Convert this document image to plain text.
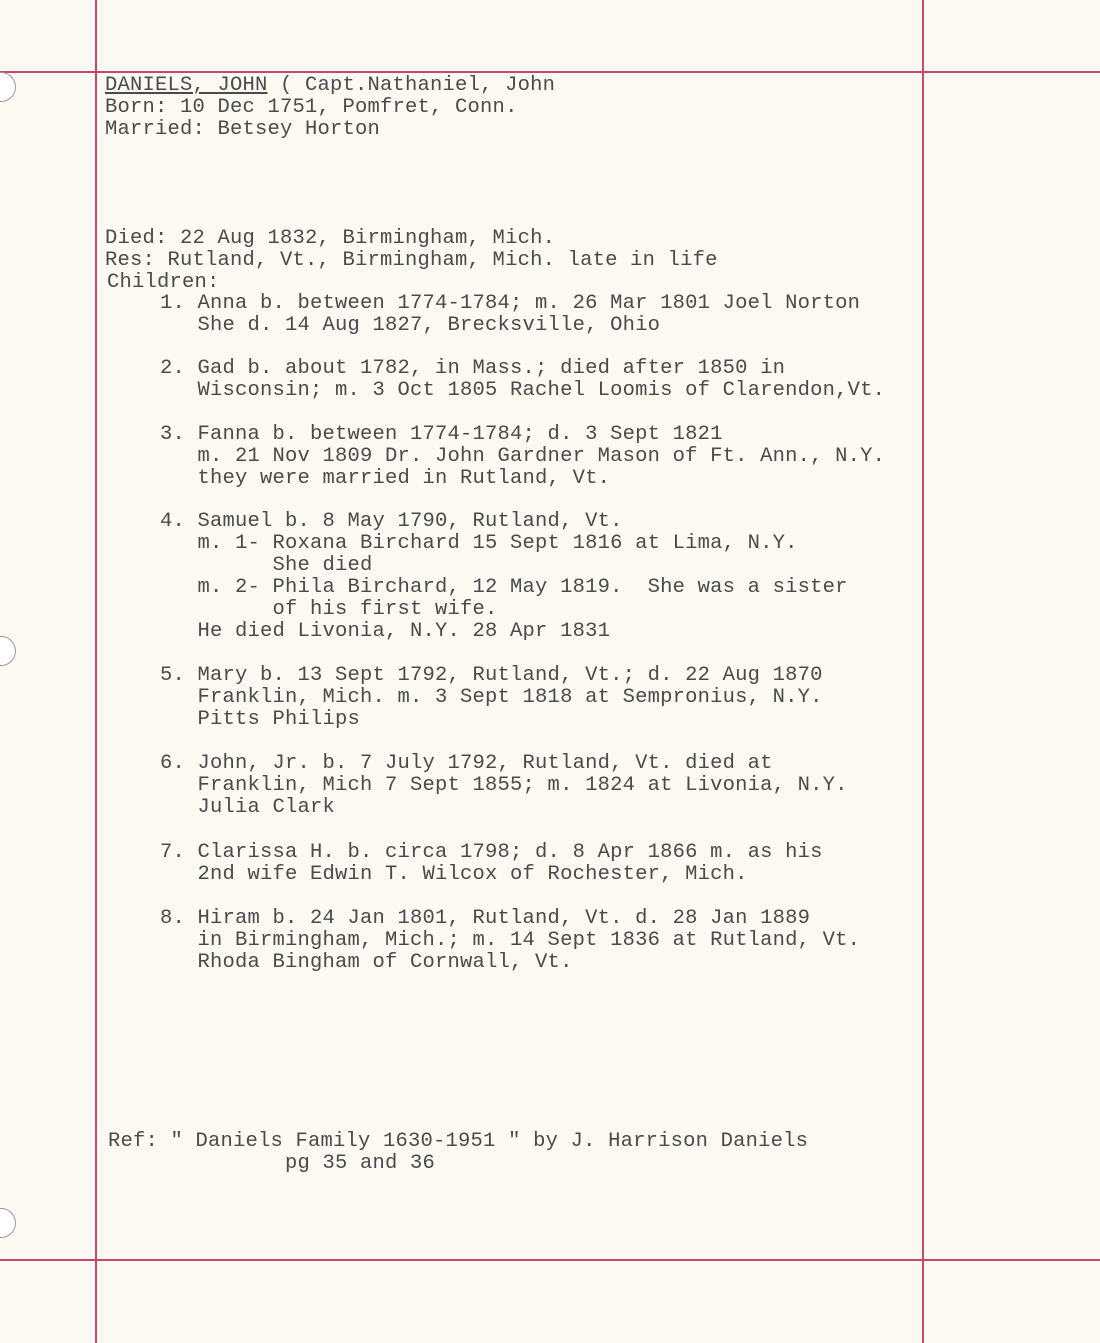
DANIELS, JOHN ( Capt.Nathaniel, John
Born: 10 Dec 1751, Pomfret, Conn.
Married: Betsey Horton
Died: 22 Aug 1832, Birmingham, Mich.
Res: Rutland, Vt., Birmingham, Mich. late in life
Children:
1. Anna b. between 1774-1784; m. 26 Mar 1801 Joel Norton
She d. 14 Aug 1827, Brecksville, Ohio
2. Gad b. about 1782, in Mass.; died after 1850 in
Wisconsin; m. 3 Oct 1805 Rachel Loomis of Clarendon,Vt.
3. Fanna b. between 1774-1784; d. 3 Sept 1821
m. 21 Nov 1809 Dr. John Gardner Mason of Ft. Ann., N.Y.
they were married in Rutland, Vt.
4. Samuel b. 8 May 1790, Rutland, Vt.
m. 1- Roxana Birchard 15 Sept 1816 at Lima, N.Y.
She died
m. 2- Phila Birchard, 12 May 1819.  She was a sister
of his first wife.
He died Livonia, N.Y. 28 Apr 1831
5. Mary b. 13 Sept 1792, Rutland, Vt.; d. 22 Aug 1870
Franklin, Mich. m. 3 Sept 1818 at Sempronius, N.Y.
Pitts Philips
6. John, Jr. b. 7 July 1792, Rutland, Vt. died at
Franklin, Mich 7 Sept 1855; m. 1824 at Livonia, N.Y.
Julia Clark
7. Clarissa H. b. circa 1798; d. 8 Apr 1866 m. as his
2nd wife Edwin T. Wilcox of Rochester, Mich.
8. Hiram b. 24 Jan 1801, Rutland, Vt. d. 28 Jan 1889
in Birmingham, Mich.; m. 14 Sept 1836 at Rutland, Vt.
Rhoda Bingham of Cornwall, Vt.
Ref: " Daniels Family 1630-1951 " by J. Harrison Daniels
pg 35 and 36
